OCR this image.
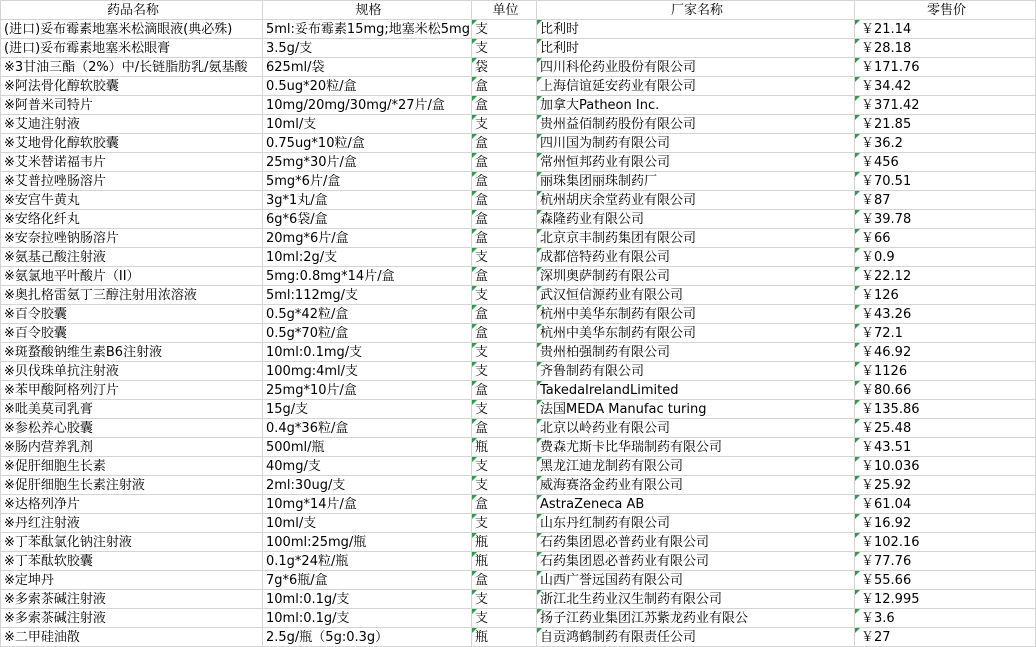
药品名称	规格	单位	厂家名称	零售价
(进口)妥布霉素地塞米松滴眼液(典必殊)	5ml:妥布霉素15mg;地塞米松5mg	支	比利时	￥21.14
(进口)妥布霉素地塞米松眼膏	3.5g/支	支	比利时	￥28.18
※3甘油三酯（2%）中/长链脂肪乳/氨基酸	625ml/袋	袋	四川科伦药业股份有限公司	￥171.76
※阿法骨化醇软胶囊	0.5ug*20粒/盒	盒	上海信谊延安药业有限公司	￥34.42
※阿普米司特片	10mg/20mg/30mg/*27片/盒	盒	加拿大Patheon Inc.	￥371.42
※艾迪注射液	10ml/支	支	贵州益佰制药股份有限公司	￥21.85
※艾地骨化醇软胶囊	0.75ug*10粒/盒	盒	四川国为制药有限公司	￥36.2
※艾米替诺福韦片	25mg*30片/盒	盒	常州恒邦药业有限公司	￥456
※艾普拉唑肠溶片	5mg*6片/盒	盒	丽珠集团丽珠制药厂	￥70.51
※安宫牛黄丸	3g*1丸/盒	盒	杭州胡庆余堂药业有限公司	￥87
※安络化纤丸	6g*6袋/盒	盒	森隆药业有限公司	￥39.78
※安奈拉唑钠肠溶片	20mg*6片/盒	盒	北京京丰制药集团有限公司	￥66
※氨基己酸注射液	10ml:2g/支	支	成都倍特药业有限公司	￥0.9
※氨氯地平叶酸片（II）	5mg:0.8mg*14片/盒	盒	深圳奥萨制药有限公司	￥22.12
※奥扎格雷氨丁三醇注射用浓溶液	5ml:112mg/支	支	武汉恒信源药业有限公司	￥126
※百令胶囊	0.5g*42粒/盒	盒	杭州中美华东制药有限公司	￥43.26
※百令胶囊	0.5g*70粒/盒	盒	杭州中美华东制药有限公司	￥72.1
※斑蝥酸钠维生素B6注射液	10ml:0.1mg/支	支	贵州柏强制药有限公司	￥46.92
※贝伐珠单抗注射液	100mg:4ml/支	支	齐鲁制药有限公司	￥1126
※苯甲酸阿格列汀片	25mg*10片/盒	盒	TakedaIrelandLimited	￥80.66
※吡美莫司乳膏	15g/支	支	法国MEDA Manufac turing	￥135.86
※参松养心胶囊	0.4g*36粒/盒	盒	北京以岭药业有限公司	￥25.48
※肠内营养乳剂	500ml/瓶	瓶	费森尤斯卡比华瑞制药有限公司	￥43.51
※促肝细胞生长素	40mg/支	支	黑龙江迪龙制药有限公司	￥10.036
※促肝细胞生长素注射液	2ml:30ug/支	支	威海赛洛金药业有限公司	￥25.92
※达格列净片	10mg*14片/盒	盒	AstraZeneca AB	￥61.04
※丹红注射液	10ml/支	支	山东丹红制药有限公司	￥16.92
※丁苯酞氯化钠注射液	100ml:25mg/瓶	瓶	石药集团恩必普药业有限公司	￥102.16
※丁苯酞软胶囊	0.1g*24粒/瓶	瓶	石药集团恩必普药业有限公司	￥77.76
※定坤丹	7g*6瓶/盒	盒	山西广誉远国药有限公司	￥55.66
※多索茶碱注射液	10ml:0.1g/支	支	浙江北生药业汉生制药有限公司	￥12.995
※多索茶碱注射液	10ml:0.1g/支	支	扬子江药业集团江苏紫龙药业有限公	￥3.6
※二甲硅油散	2.5g/瓶（5g:0.3g）	瓶	自贡鸿鹤制药有限责任公司	￥27
